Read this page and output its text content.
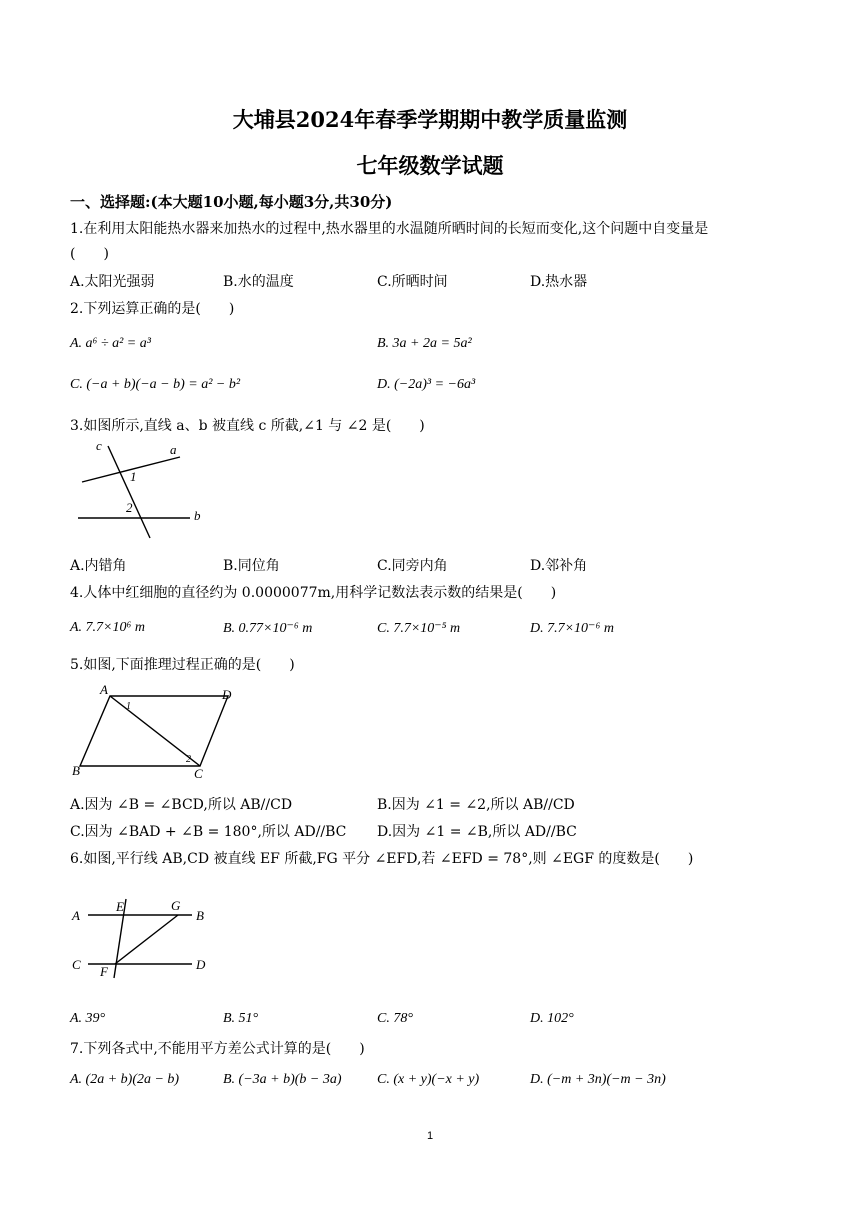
大埔县2024年春季学期期中教学质量监测
七年级数学试题
一、选择题:(本大题10小题,每小题3分,共30分)
1.在利用太阳能热水器来加热水的过程中,热水器里的水温随所晒时间的长短而变化,这个问题中自变量是
(　　)
A.太阳光强弱	B.水的温度	C.所晒时间	D.热水器
2.下列运算正确的是(　　)
A. a⁶ ÷ a² = a³	B. 3a + 2a = 5a²
C. (−a + b)(−a − b) = a² − b²	D. (−2a)³ = −6a³
3.如图所示,直线 a、b 被直线 c 所截,∠1 与 ∠2 是(　　)
c	a
1
2
b
A.内错角	B.同位角	C.同旁内角	D.邻补角
4.人体中红细胞的直径约为 0.0000077m,用科学记数法表示数的结果是(　　)
A. 7.7×10⁶ m	B. 0.77×10⁻⁶ m	C. 7.7×10⁻⁵ m	D. 7.7×10⁻⁶ m
5.如图,下面推理过程正确的是(　　)
A	D
1
B
2
C
A.因为 ∠B = ∠BCD,所以 AB//CD	B.因为 ∠1 = ∠2,所以 AB//CD
C.因为 ∠BAD + ∠B = 180°,所以 AD//BC D.因为 ∠1 = ∠B,所以 AD//BC
6.如图,平行线 AB,CD 被直线 EF 所截,FG 平分 ∠EFD,若 ∠EFD = 78°,则 ∠EGF 的度数是(　　)
A
E	G
B
C F	D
A. 39°	B. 51°	C. 78°	D. 102°
7.下列各式中,不能用平方差公式计算的是(　　)
A. (2a + b)(2a − b)	B. (−3a + b)(b − 3a)	C. (x + y)(−x + y)	D. (−m + 3n)(−m − 3n)
1
